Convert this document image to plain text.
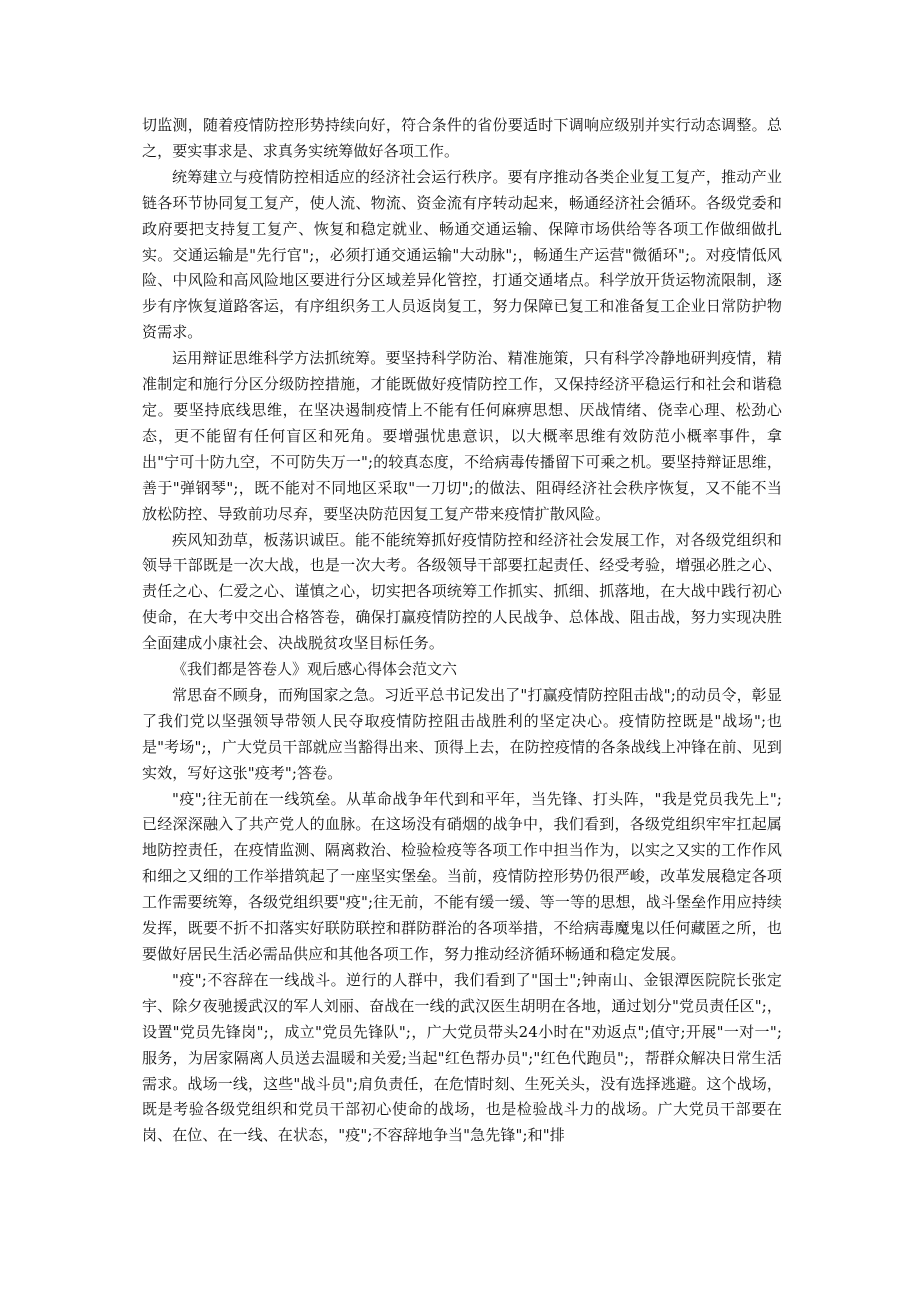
切监测，随着疫情防控形势持续向好，符合条件的省份要适时下调响应级别并实行动态调整。总之，要实事求是、求真务实统筹做好各项工作。

统筹建立与疫情防控相适应的经济社会运行秩序。要有序推动各类企业复工复产，推动产业链各环节协同复工复产，使人流、物流、资金流有序转动起来，畅通经济社会循环。各级党委和政府要把支持复工复产、恢复和稳定就业、畅通交通运输、保障市场供给等各项工作做细做扎实。交通运输是"先行官";，必须打通交通运输"大动脉";，畅通生产运营"微循环";。对疫情低风险、中风险和高风险地区要进行分区域差异化管控，打通交通堵点。科学放开货运物流限制，逐步有序恢复道路客运，有序组织务工人员返岗复工，努力保障已复工和准备复工企业日常防护物资需求。

运用辩证思维科学方法抓统筹。要坚持科学防治、精准施策，只有科学冷静地研判疫情，精准制定和施行分区分级防控措施，才能既做好疫情防控工作，又保持经济平稳运行和社会和谐稳定。要坚持底线思维，在坚决遏制疫情上不能有任何麻痹思想、厌战情绪、侥幸心理、松劲心态，更不能留有任何盲区和死角。要增强忧患意识，以大概率思维有效防范小概率事件，拿出"宁可十防九空，不可防失万一";的较真态度，不给病毒传播留下可乘之机。要坚持辩证思维，善于"弹钢琴";，既不能对不同地区采取"一刀切";的做法、阻碍经济社会秩序恢复，又不能不当放松防控、导致前功尽弃，要坚决防范因复工复产带来疫情扩散风险。

疾风知劲草，板荡识诚臣。能不能统筹抓好疫情防控和经济社会发展工作，对各级党组织和领导干部既是一次大战，也是一次大考。各级领导干部要扛起责任、经受考验，增强必胜之心、责任之心、仁爱之心、谨慎之心，切实把各项统筹工作抓实、抓细、抓落地，在大战中践行初心使命，在大考中交出合格答卷，确保打赢疫情防控的人民战争、总体战、阻击战，努力实现决胜全面建成小康社会、决战脱贫攻坚目标任务。

《我们都是答卷人》观后感心得体会范文六

常思奋不顾身，而殉国家之急。习近平总书记发出了"打赢疫情防控阻击战";的动员令，彰显了我们党以坚强领导带领人民夺取疫情防控阻击战胜利的坚定决心。疫情防控既是"战场";也是"考场";，广大党员干部就应当豁得出来、顶得上去，在防控疫情的各条战线上冲锋在前、见到实效，写好这张"疫考";答卷。

"疫";往无前在一线筑垒。从革命战争年代到和平年，当先锋、打头阵，"我是党员我先上";已经深深融入了共产党人的血脉。在这场没有硝烟的战争中，我们看到，各级党组织牢牢扛起属地防控责任，在疫情监测、隔离救治、检验检疫等各项工作中担当作为，以实之又实的工作作风和细之又细的工作举措筑起了一座坚实堡垒。当前，疫情防控形势仍很严峻，改革发展稳定各项工作需要统筹，各级党组织要"疫";往无前，不能有缓一缓、等一等的思想，战斗堡垒作用应持续发挥，既要不折不扣落实好联防联控和群防群治的各项举措，不给病毒魔鬼以任何藏匿之所，也要做好居民生活必需品供应和其他各项工作，努力推动经济循环畅通和稳定发展。

"疫";不容辞在一线战斗。逆行的人群中，我们看到了"国士";钟南山、金银潭医院院长张定宇、除夕夜驰援武汉的军人刘丽、奋战在一线的武汉医生胡明在各地，通过划分"党员责任区";，设置"党员先锋岗";，成立"党员先锋队";，广大党员带头24小时在"劝返点";值守;开展"一对一";服务，为居家隔离人员送去温暖和关爱;当起"红色帮办员";"红色代跑员";，帮群众解决日常生活需求。战场一线，这些"战斗员";肩负责任，在危情时刻、生死关头，没有选择逃避。这个战场，既是考验各级党组织和党员干部初心使命的战场，也是检验战斗力的战场。广大党员干部要在岗、在位、在一线、在状态，"疫";不容辞地争当"急先锋";和"排
